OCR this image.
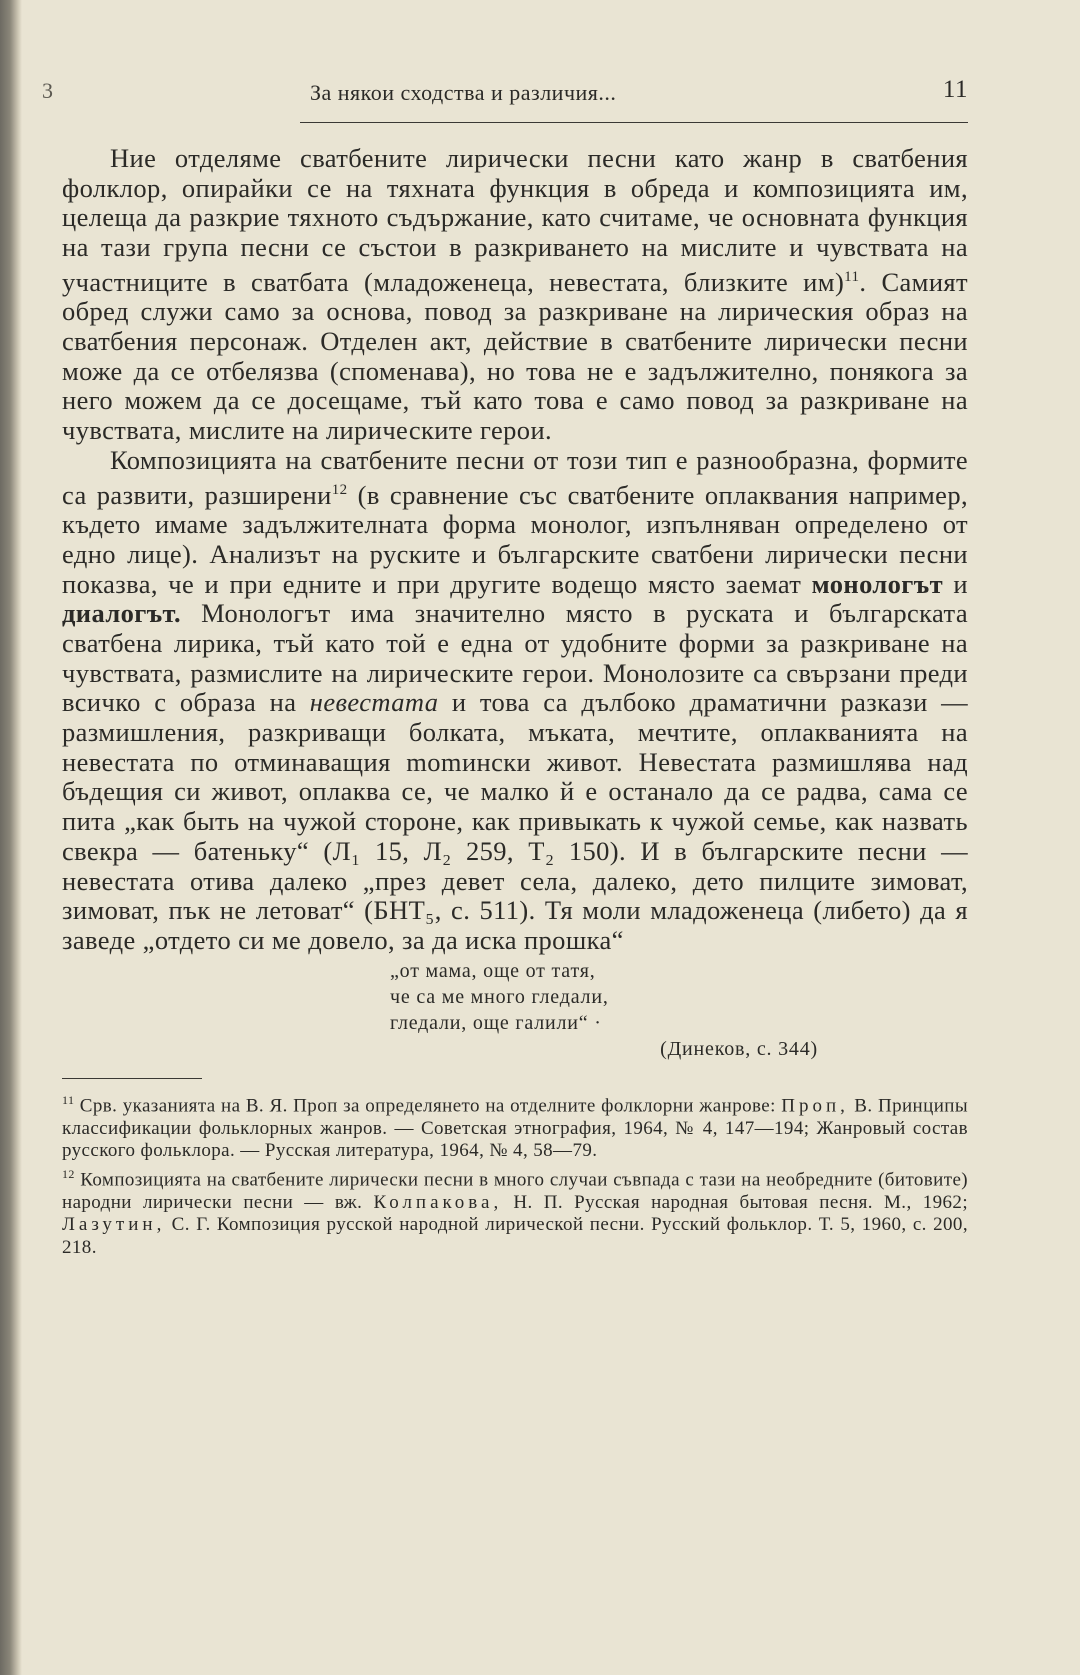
3	За някои сходства и различия...	11

Ние отделяме сватбените лирически песни като жанр в сватбения фолклор, опирайки се на тяхната функция в обреда и композицията им, целеща да разкрие тяхното съдържание, като считаме, че основната функция на тази група песни се състои в разкриването на мислите и чувствата на участниците в сватбата (младоженеца, невестата, близките им)$^{11}$. Самият обред служи само за основа, повод за разкриване на лирическия образ на сватбения персонаж. Отделен акт, действие в сватбените лирически песни може да се отбелязва (споменава), но това не е задължително, понякога за него можем да се досещаме, тъй като това е само повод за разкриване на чувствата, мислите на лирическите герои.

Композицията на сватбените песни от този тип е разнообразна, формите са развити, разширени$^{12}$ (в сравнение със сватбените оплаквания например, където имаме задължителната форма монолог, изпълняван определено от едно лице). Анализът на руските и българските сватбени лирически песни показва, че и при едните и при другите водещо място заемат монологът и диалогът. Монологът има значително място в руската и българската сватбена лирика, тъй като той е една от удобните форми за разкриване на чувствата, размислите на лирическите герои. Монолозите са свързани преди всичко с образа на невестата и това са дълбоко драматични разкази — размишления, разкриващи болката, мъката, мечтите, оплакванията на невестата по отминаващия momински живот. Невестата размишлява над бъдещия си живот, оплаква се, че малко й е останало да се радва, сама се пита „как быть на чужой стороне, как привыкать к чужой семье, как назвать свекра — батеньку“ (Л₁ 15, Л₂ 259, Т₂ 150). И в българските песни — невестата отива далеко „през девет села, далеко, дето пилците зимоват, зимоват, пък не летоват“ (БНТ₅, с. 511). Тя моли младоженеца (либето) да я заведе „отдето си ме довело, за да иска прошка“

„от мама, още от татя,
че са ме много гледали,
гледали, още галили“ ·
(Динеков, с. 344)

$^{11}$ Срв. указанията на В. Я. Проп за определянето на отделните фолклорни жанрове: Проп, В. Принципы классификации фольклорных жанров. — Советская этнография, 1964, № 4, 147—194; Жанровый состав русского фольклора. — Русская литература, 1964, № 4, 58—79.

$^{12}$ Композицията на сватбените лирически песни в много случаи съвпада с тази на необредните (битовите) народни лирически песни — вж. Колпакова, Н. П. Русская народная бытовая песня. М., 1962; Лазутин, С. Г. Композиция русской народной лирической песни. Русский фольклор. Т. 5, 1960, с. 200, 218.
